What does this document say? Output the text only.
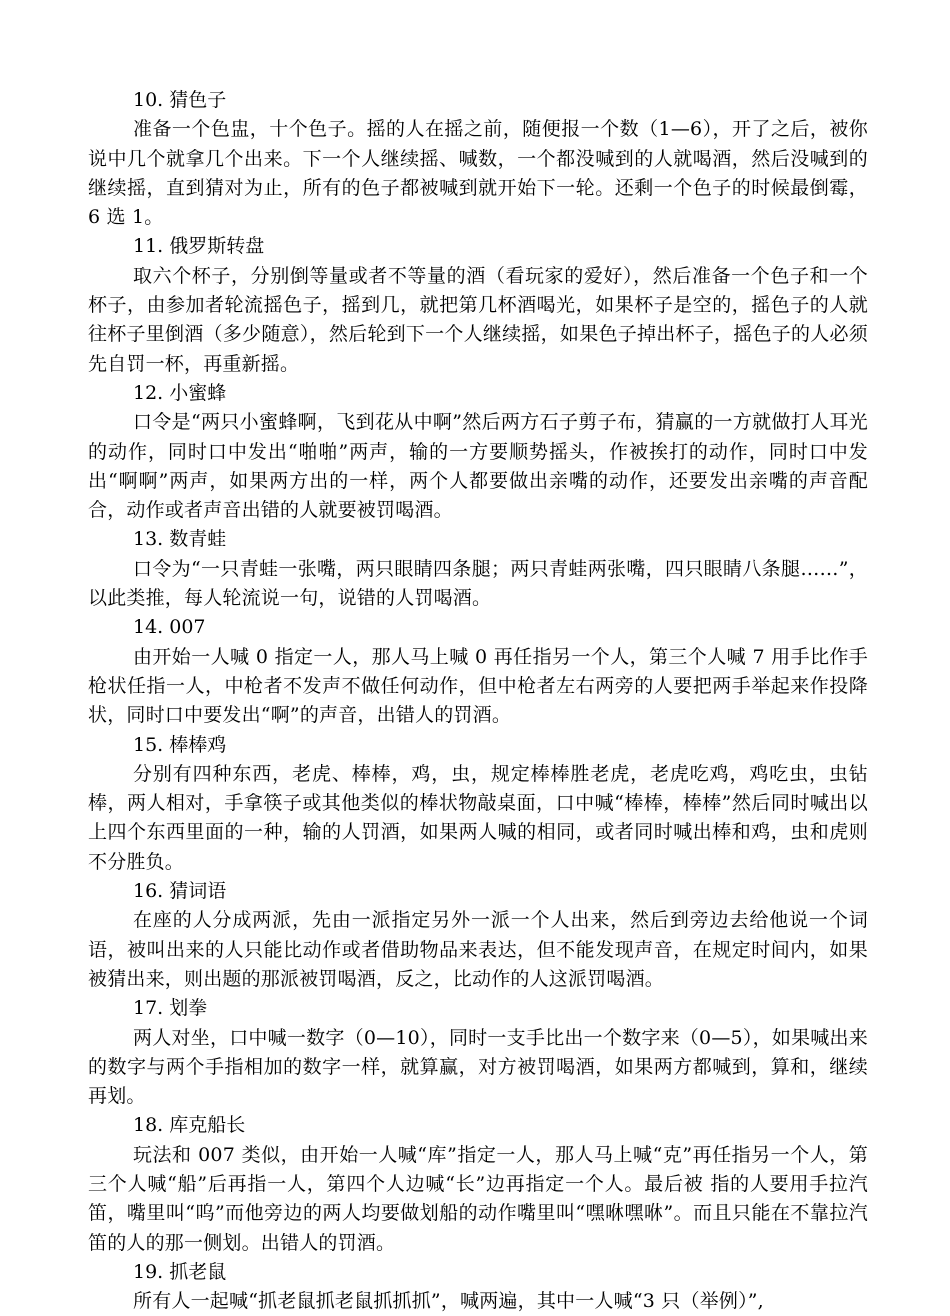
10. 猜色子

准备一个色盅，十个色子。摇的人在摇之前，随便报一个数（1—6），开了之后，被你说中几个就拿几个出来。下一个人继续摇、喊数，一个都没喊到的人就喝酒，然后没喊到的继续摇，直到猜对为止，所有的色子都被喊到就开始下一轮。还剩一个色子的时候最倒霉，6 选 1。

11. 俄罗斯转盘

取六个杯子，分别倒等量或者不等量的酒（看玩家的爱好），然后准备一个色子和一个杯子，由参加者轮流摇色子，摇到几，就把第几杯酒喝光，如果杯子是空的，摇色子的人就往杯子里倒酒（多少随意），然后轮到下一个人继续摇，如果色子掉出杯子，摇色子的人必须先自罚一杯，再重新摇。

12. 小蜜蜂

口令是“两只小蜜蜂啊，飞到花从中啊”然后两方石子剪子布，猜赢的一方就做打人耳光的动作，同时口中发出“啪啪”两声，输的一方要顺势摇头，作被挨打的动作，同时口中发出“啊啊”两声，如果两方出的一样，两个人都要做出亲嘴的动作，还要发出亲嘴的声音配合，动作或者声音出错的人就要被罚喝酒。

13. 数青蛙

口令为“一只青蛙一张嘴，两只眼睛四条腿；两只青蛙两张嘴，四只眼睛八条腿……”，以此类推，每人轮流说一句，说错的人罚喝酒。

14. 007

由开始一人喊 0 指定一人，那人马上喊 0 再任指另一个人，第三个人喊 7 用手比作手枪状任指一人，中枪者不发声不做任何动作，但中枪者左右两旁的人要把两手举起来作投降状，同时口中要发出“啊”的声音，出错人的罚酒。

15. 棒棒鸡

分别有四种东西，老虎、棒棒，鸡，虫，规定棒棒胜老虎，老虎吃鸡，鸡吃虫，虫钻棒，两人相对，手拿筷子或其他类似的棒状物敲桌面，口中喊“棒棒，棒棒”然后同时喊出以上四个东西里面的一种，输的人罚酒，如果两人喊的相同，或者同时喊出棒和鸡，虫和虎则不分胜负。

16. 猜词语

在座的人分成两派，先由一派指定另外一派一个人出来，然后到旁边去给他说一个词语，被叫出来的人只能比动作或者借助物品来表达，但不能发现声音，在规定时间内，如果被猜出来，则出题的那派被罚喝酒，反之，比动作的人这派罚喝酒。

17. 划拳

两人对坐，口中喊一数字（0—10），同时一支手比出一个数字来（0—5），如果喊出来的数字与两个手指相加的数字一样，就算赢，对方被罚喝酒，如果两方都喊到，算和，继续再划。

18. 库克船长

玩法和 007 类似，由开始一人喊“库”指定一人，那人马上喊“克”再任指另一个人，第三个人喊“船”后再指一人，第四个人边喊“长”边再指定一个人。最后被 指的人要用手拉汽笛，嘴里叫“呜”而他旁边的两人均要做划船的动作嘴里叫“嘿咻嘿咻”。而且只能在不靠拉汽笛的人的那一侧划。出错人的罚酒。

19. 抓老鼠

所有人一起喊“抓老鼠抓老鼠抓抓抓”，喊两遍，其中一人喊“3 只（举例）”,
